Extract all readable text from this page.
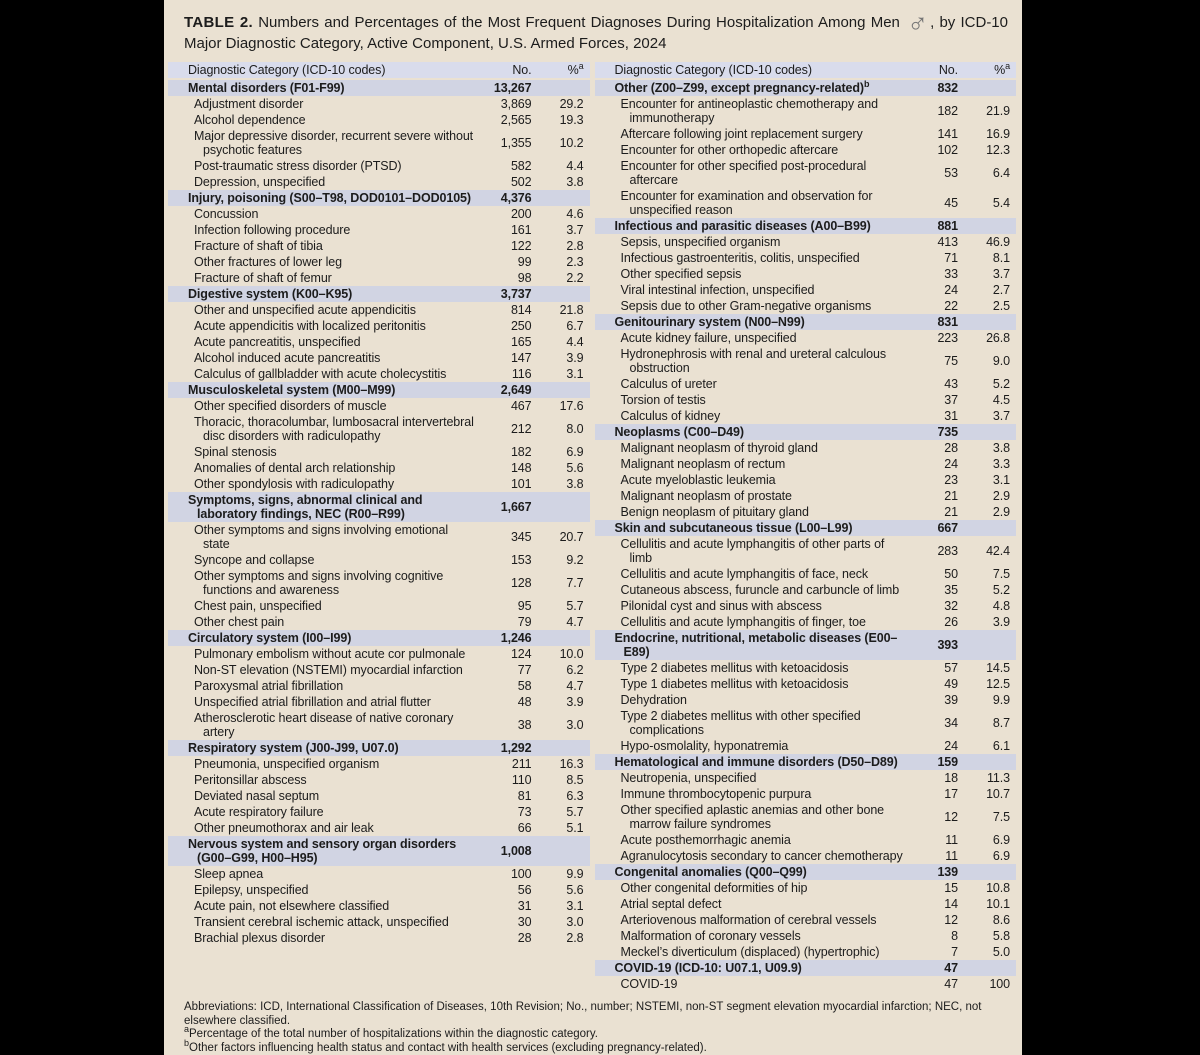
TABLE 2. Numbers and Percentages of the Most Frequent Diagnoses During Hospitalization Among Men ♂ , by ICD-10 Major Diagnostic Category, Active Component, U.S. Armed Forces, 2024
Diagnostic Category (ICD-10 codes)	No.	%$^a$
Mental disorders (F01-F99)	13,267
Adjustment disorder	3,869	29.2
Alcohol dependence	2,565	19.3
Major depressive disorder, recurrent severe without psychotic features	1,355	10.2
Post-traumatic stress disorder (PTSD)	582	4.4
Depression, unspecified	502	3.8
Injury, poisoning (S00–T98, DOD0101–DOD0105)	4,376
Concussion	200	4.6
Infection following procedure	161	3.7
Fracture of shaft of tibia	122	2.8
Other fractures of lower leg	99	2.3
Fracture of shaft of femur	98	2.2
Digestive system (K00–K95)	3,737
Other and unspecified acute appendicitis	814	21.8
Acute appendicitis with localized peritonitis	250	6.7
Acute pancreatitis, unspecified	165	4.4
Alcohol induced acute pancreatitis	147	3.9
Calculus of gallbladder with acute cholecystitis	116	3.1
Musculoskeletal system (M00–M99)	2,649
Other specified disorders of muscle	467	17.6
Thoracic, thoracolumbar, lumbosacral intervertebral disc disorders with radiculopathy	212	8.0
Spinal stenosis	182	6.9
Anomalies of dental arch relationship	148	5.6
Other spondylosis with radiculopathy	101	3.8
Symptoms, signs, abnormal clinical and laboratory findings, NEC (R00–R99)	1,667
Other symptoms and signs involving emotional state	345	20.7
Syncope and collapse	153	9.2
Other symptoms and signs involving cognitive functions and awareness	128	7.7
Chest pain, unspecified	95	5.7
Other chest pain	79	4.7
Circulatory system (I00–I99)	1,246
Pulmonary embolism without acute cor pulmonale	124	10.0
Non-ST elevation (NSTEMI) myocardial infarction	77	6.2
Paroxysmal atrial fibrillation	58	4.7
Unspecified atrial fibrillation and atrial flutter	48	3.9
Atherosclerotic heart disease of native coronary artery	38	3.0
Respiratory system (J00-J99, U07.0)	1,292
Pneumonia, unspecified organism	211	16.3
Peritonsillar abscess	110	8.5
Deviated nasal septum	81	6.3
Acute respiratory failure	73	5.7
Other pneumothorax and air leak	66	5.1
Nervous system and sensory organ disorders (G00–G99, H00–H95)	1,008
Sleep apnea	100	9.9
Epilepsy, unspecified	56	5.6
Acute pain, not elsewhere classified	31	3.1
Transient cerebral ischemic attack, unspecified	30	3.0
Brachial plexus disorder	28	2.8
Diagnostic Category (ICD-10 codes)	No.	%$^a$
Other (Z00–Z99, except pregnancy-related)$^b$	832
Encounter for antineoplastic chemotherapy and immunotherapy	182	21.9
Aftercare following joint replacement surgery	141	16.9
Encounter for other orthopedic aftercare	102	12.3
Encounter for other specified post-procedural aftercare	53	6.4
Encounter for examination and observation for unspecified reason	45	5.4
Infectious and parasitic diseases (A00–B99)	881
Sepsis, unspecified organism	413	46.9
Infectious gastroenteritis, colitis, unspecified	71	8.1
Other specified sepsis	33	3.7
Viral intestinal infection, unspecified	24	2.7
Sepsis due to other Gram-negative organisms	22	2.5
Genitourinary system (N00–N99)	831
Acute kidney failure, unspecified	223	26.8
Hydronephrosis with renal and ureteral calculous obstruction	75	9.0
Calculus of ureter	43	5.2
Torsion of testis	37	4.5
Calculus of kidney	31	3.7
Neoplasms (C00–D49)	735
Malignant neoplasm of thyroid gland	28	3.8
Malignant neoplasm of rectum	24	3.3
Acute myeloblastic leukemia	23	3.1
Malignant neoplasm of prostate	21	2.9
Benign neoplasm of pituitary gland	21	2.9
Skin and subcutaneous tissue (L00–L99)	667
Cellulitis and acute lymphangitis of other parts of limb	283	42.4
Cellulitis and acute lymphangitis of face, neck	50	7.5
Cutaneous abscess, furuncle and carbuncle of limb	35	5.2
Pilonidal cyst and sinus with abscess	32	4.8
Cellulitis and acute lymphangitis of finger, toe	26	3.9
Endocrine, nutritional, metabolic diseases (E00–E89)	393
Type 2 diabetes mellitus with ketoacidosis	57	14.5
Type 1 diabetes mellitus with ketoacidosis	49	12.5
Dehydration	39	9.9
Type 2 diabetes mellitus with other specified complications	34	8.7
Hypo-osmolality, hyponatremia	24	6.1
Hematological and immune disorders (D50–D89)	159
Neutropenia, unspecified	18	11.3
Immune thrombocytopenic purpura	17	10.7
Other specified aplastic anemias and other bone marrow failure syndromes	12	7.5
Acute posthemorrhagic anemia	11	6.9
Agranulocytosis secondary to cancer chemotherapy	11	6.9
Congenital anomalies (Q00–Q99)	139
Other congenital deformities of hip	15	10.8
Atrial septal defect	14	10.1
Arteriovenous malformation of cerebral vessels	12	8.6
Malformation of coronary vessels	8	5.8
Meckel’s diverticulum (displaced) (hypertrophic)	7	5.0
COVID-19 (ICD-10: U07.1, U09.9)	47
COVID-19	47	100
Abbreviations: ICD, International Classification of Diseases, 10th Revision; No., number; NSTEMI, non-ST segment elevation myocardial infarction; NEC, not elsewhere classified.
$^a$Percentage of the total number of hospitalizations within the diagnostic category.
$^b$Other factors influencing health status and contact with health services (excluding pregnancy-related).
